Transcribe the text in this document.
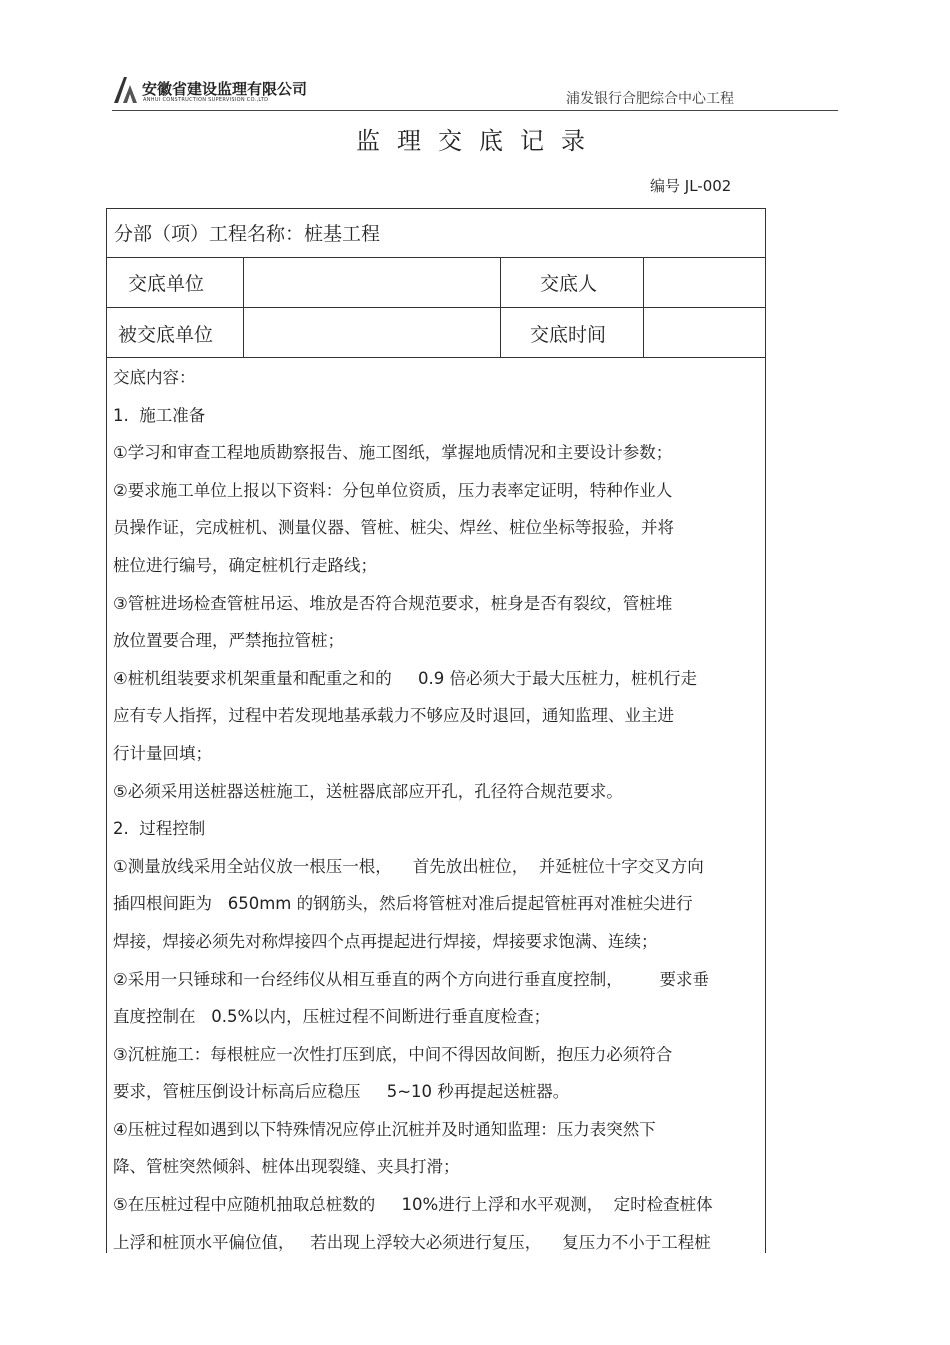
安徽省建设监理有限公司
ANHUI CONSTRUCTION SUPERVISION CO.,LTD	浦发银行合肥综合中心工程
监理交底记录
编号 JL-002
分部（项）工程名称：桩基工程
交底单位	交底人
被交底单位	交底时间
交底内容：
1.  施工准备
①学习和审查工程地质勘察报告、施工图纸，掌握地质情况和主要设计参数；
②要求施工单位上报以下资料：分包单位资质，压力表率定证明，特种作业人
员操作证，完成桩机、测量仪器、管桩、桩尖、焊丝、桩位坐标等报验，并将
桩位进行编号，确定桩机行走路线；
③管桩进场检查管桩吊运、堆放是否符合规范要求，桩身是否有裂纹，管桩堆
放位置要合理，严禁拖拉管桩；
④桩机组装要求机架重量和配重之和的     0.9 倍必须大于最大压桩力，桩机行走
应有专人指挥，过程中若发现地基承载力不够应及时退回，通知监理、业主进
行计量回填；
⑤必须采用送桩器送桩施工，送桩器底部应开孔，孔径符合规范要求。
2.  过程控制
①测量放线采用全站仪放一根压一根，    首先放出桩位，  并延桩位十字交叉方向
插四根间距为   650mm 的钢筋头，然后将管桩对准后提起管桩再对准桩尖进行
焊接，焊接必须先对称焊接四个点再提起进行焊接，焊接要求饱满、连续；
②采用一只锤球和一台经纬仪从相互垂直的两个方向进行垂直度控制，       要求垂
直度控制在   0.5%以内，压桩过程不间断进行垂直度检查；
③沉桩施工：每根桩应一次性打压到底，中间不得因故间断，抱压力必须符合
要求，管桩压倒设计标高后应稳压     5~10 秒再提起送桩器。
④压桩过程如遇到以下特殊情况应停止沉桩并及时通知监理：压力表突然下
降、管桩突然倾斜、桩体出现裂缝、夹具打滑；
⑤在压桩过程中应随机抽取总桩数的     10%进行上浮和水平观测，  定时检查桩体
上浮和桩顶水平偏位值，   若出现上浮较大必须进行复压，    复压力不小于工程桩
